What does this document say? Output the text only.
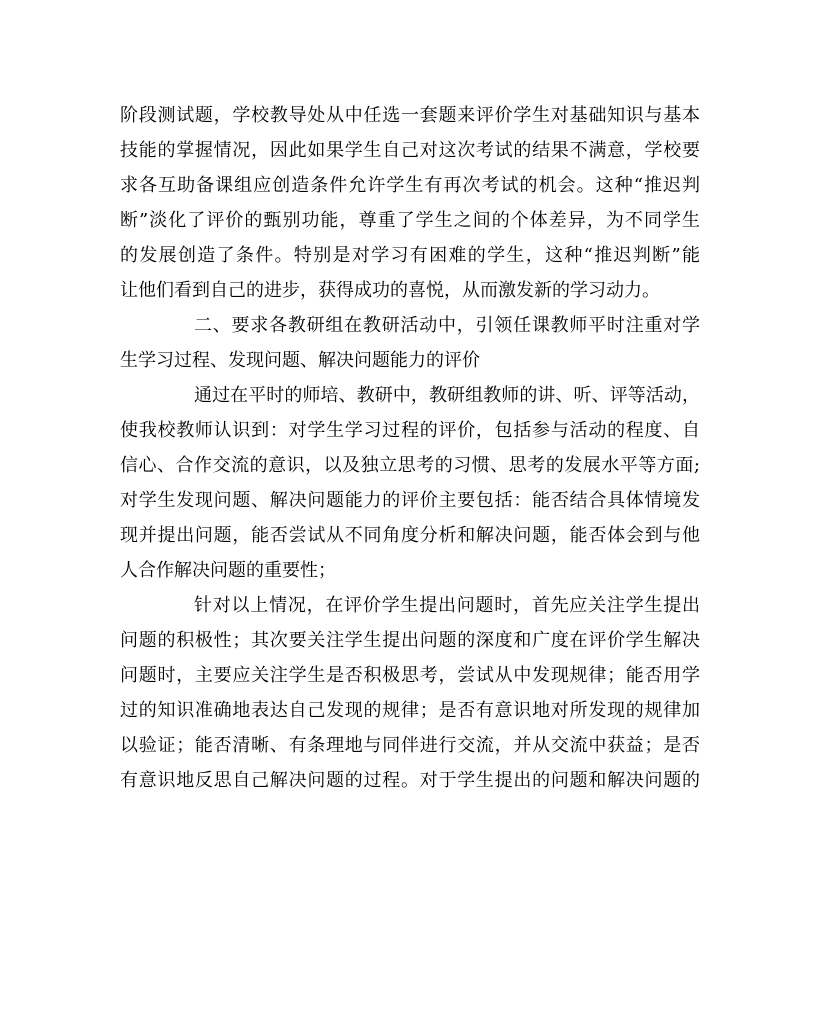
阶段测试题，学校教导处从中任选一套题来评价学生对基础知识与基本
技能的掌握情况，因此如果学生自己对这次考试的结果不满意，学校要
求各互助备课组应创造条件允许学生有再次考试的机会。这种“推迟判
断”淡化了评价的甄别功能，尊重了学生之间的个体差异，为不同学生
的发展创造了条件。特别是对学习有困难的学生，这种“推迟判断”能
让他们看到自己的进步，获得成功的喜悦，从而激发新的学习动力。
二、要求各教研组在教研活动中，引领任课教师平时注重对学
生学习过程、发现问题、解决问题能力的评价
通过在平时的师培、教研中，教研组教师的讲、听、评等活动，
使我校教师认识到：对学生学习过程的评价，包括参与活动的程度、自
信心、合作交流的意识，以及独立思考的习惯、思考的发展水平等方面;
对学生发现问题、解决问题能力的评价主要包括：能否结合具体情境发
现并提出问题，能否尝试从不同角度分析和解决问题，能否体会到与他
人合作解决问题的重要性；
针对以上情况，在评价学生提出问题时，首先应关注学生提出
问题的积极性；其次要关注学生提出问题的深度和广度在评价学生解决
问题时，主要应关注学生是否积极思考，尝试从中发现规律；能否用学
过的知识准确地表达自己发现的规律；是否有意识地对所发现的规律加
以验证；能否清晰、有条理地与同伴进行交流，并从交流中获益；是否
有意识地反思自己解决问题的过程。对于学生提出的问题和解决问题的
